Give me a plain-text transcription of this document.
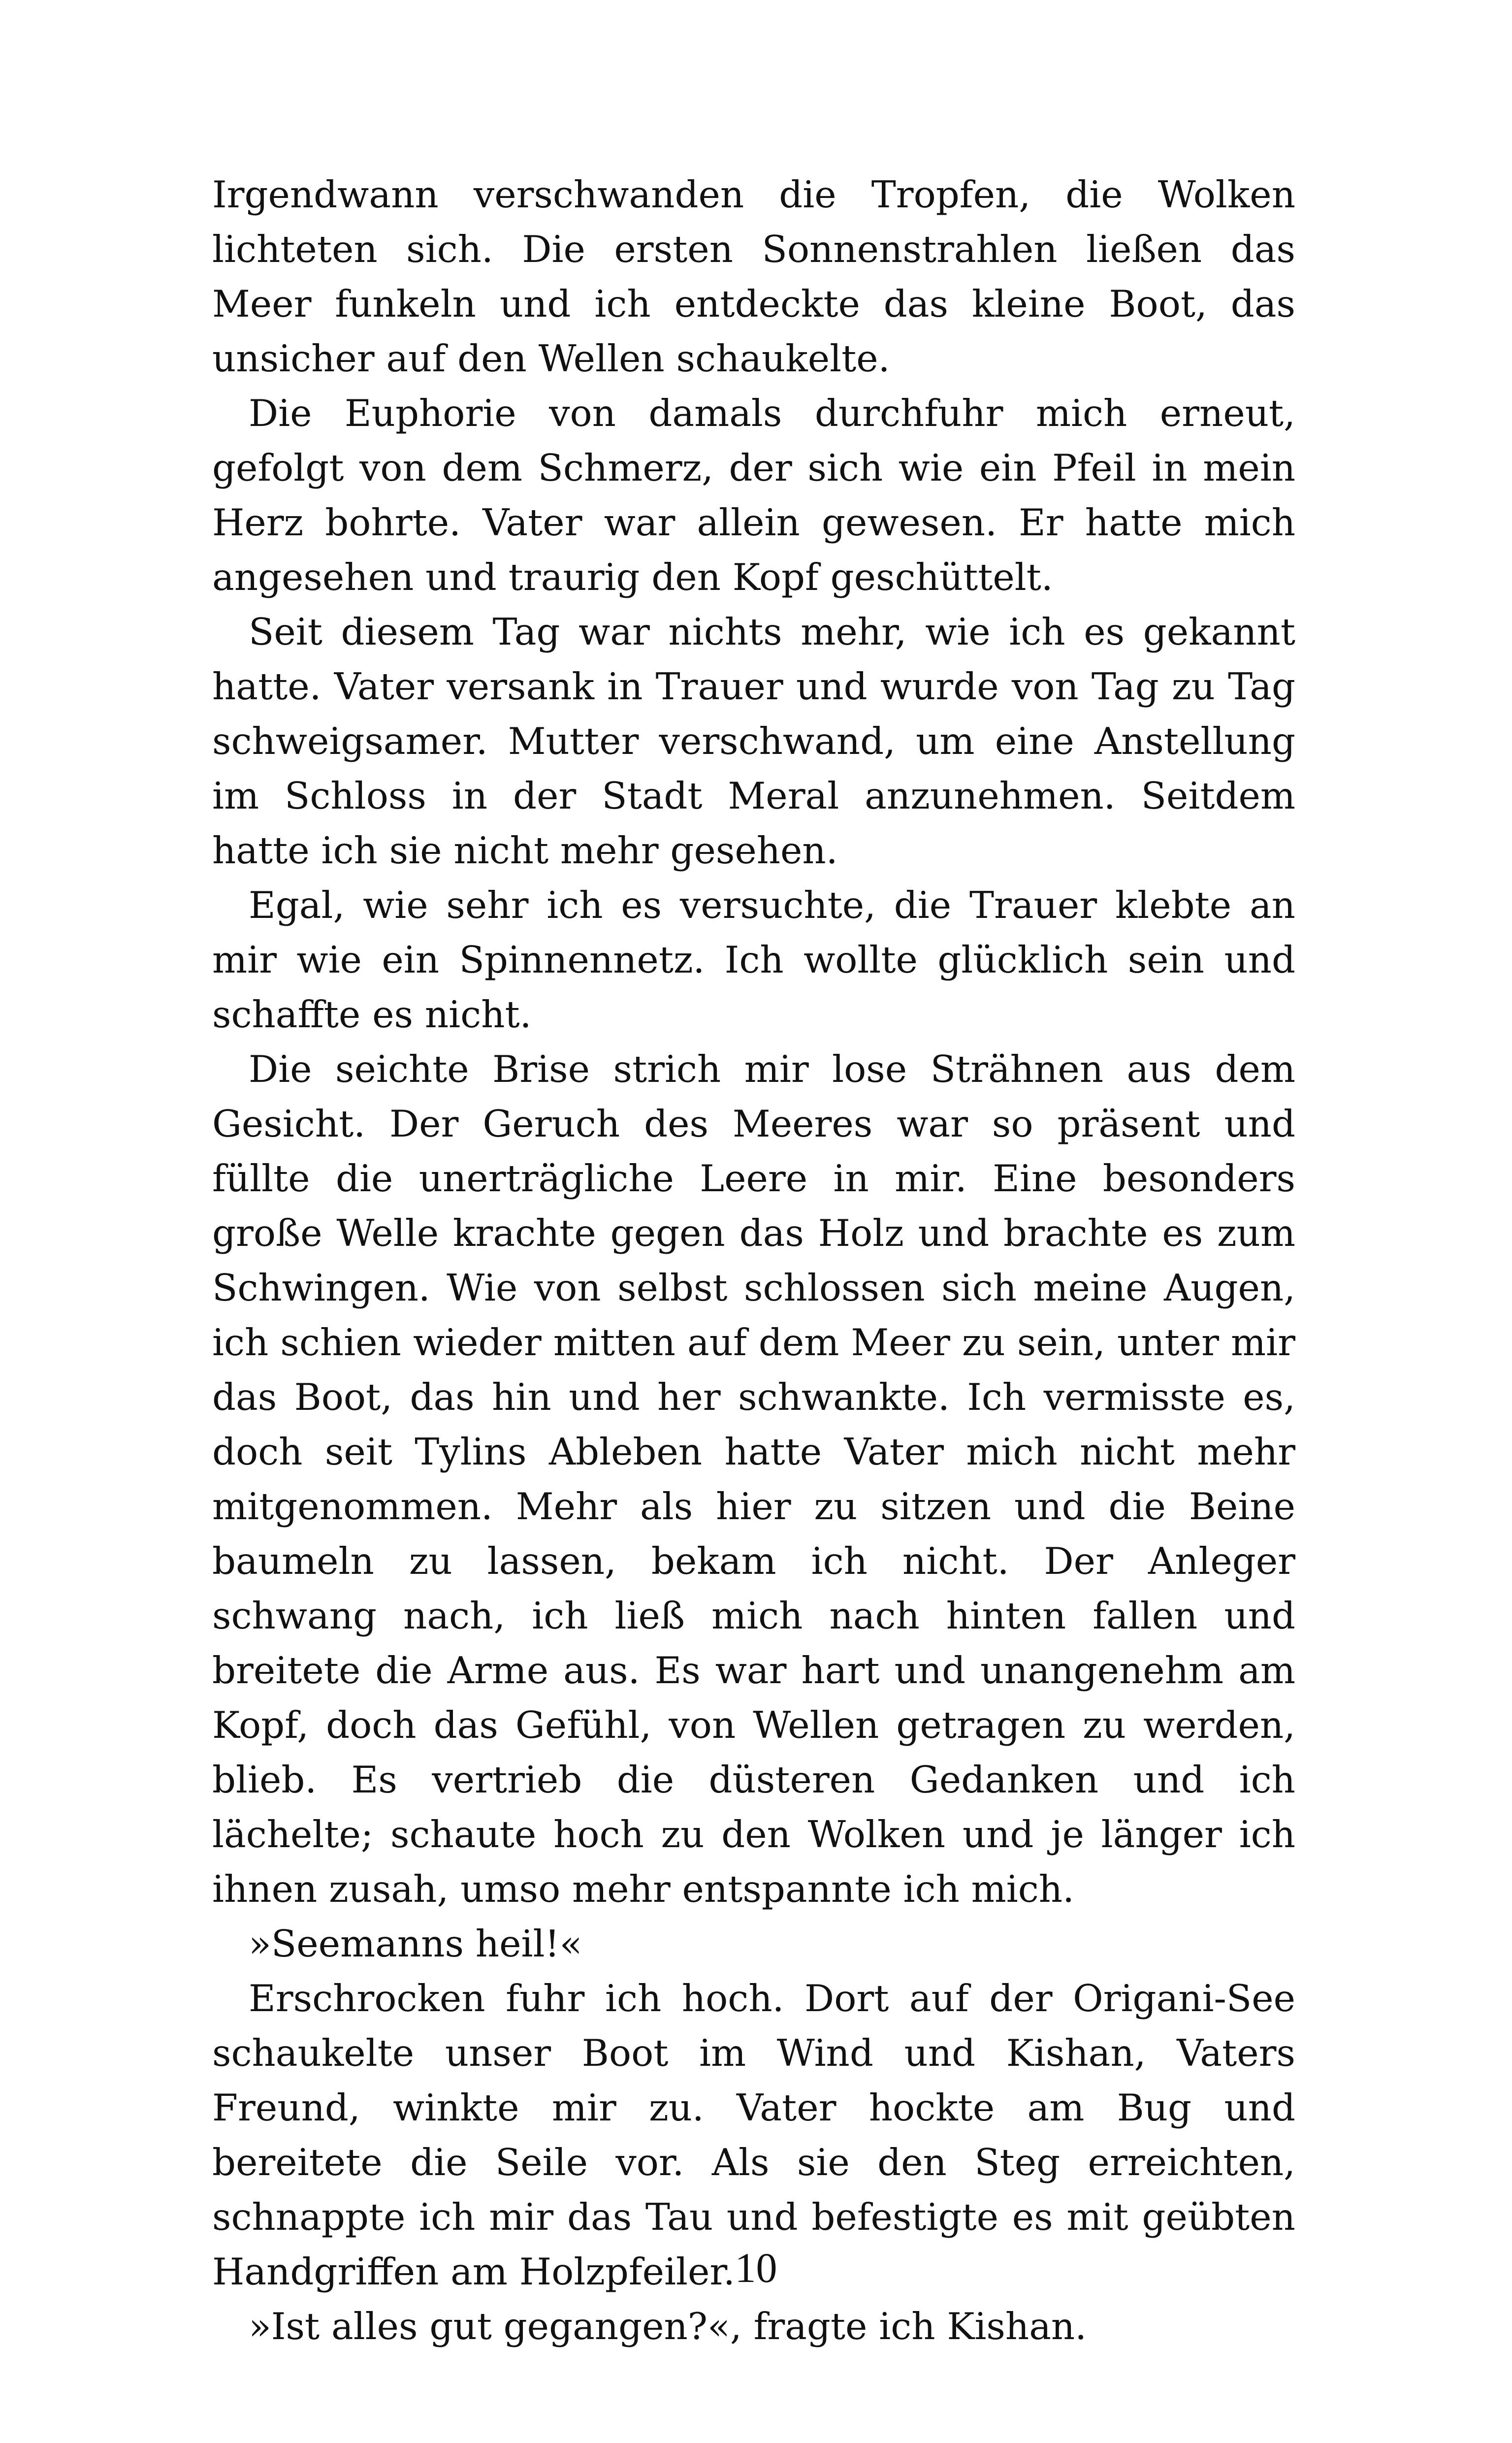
Irgendwann verschwanden die Tropfen, die Wolken lichteten sich. Die ersten Sonnenstrahlen ließen das Meer funkeln und ich entdeckte das kleine Boot, das unsicher auf den Wellen schaukelte.

Die Euphorie von damals durchfuhr mich erneut, gefolgt von dem Schmerz, der sich wie ein Pfeil in mein Herz bohrte. Vater war allein gewesen. Er hatte mich angesehen und traurig den Kopf geschüttelt.

Seit diesem Tag war nichts mehr, wie ich es gekannt hatte. Vater versank in Trauer und wurde von Tag zu Tag schweigsamer. Mutter verschwand, um eine Anstellung im Schloss in der Stadt Meral anzunehmen. Seitdem hatte ich sie nicht mehr gesehen.

Egal, wie sehr ich es versuchte, die Trauer klebte an mir wie ein Spinnennetz. Ich wollte glücklich sein und schaffte es nicht.

Die seichte Brise strich mir lose Strähnen aus dem Gesicht. Der Geruch des Meeres war so präsent und füllte die unerträgliche Leere in mir. Eine besonders große Welle krachte gegen das Holz und brachte es zum Schwingen. Wie von selbst schlossen sich meine Augen, ich schien wieder mitten auf dem Meer zu sein, unter mir das Boot, das hin und her schwankte. Ich vermisste es, doch seit Tylins Ableben hatte Vater mich nicht mehr mitgenommen. Mehr als hier zu sitzen und die Beine baumeln zu lassen, bekam ich nicht. Der Anleger schwang nach, ich ließ mich nach hinten fallen und breitete die Arme aus. Es war hart und unangenehm am Kopf, doch das Gefühl, von Wellen getragen zu werden, blieb. Es vertrieb die düsteren Gedanken und ich lächelte; schaute hoch zu den Wolken und je länger ich ihnen zusah, umso mehr entspannte ich mich.

»Seemanns heil!«

Erschrocken fuhr ich hoch. Dort auf der Origani-See schaukelte unser Boot im Wind und Kishan, Vaters Freund, winkte mir zu. Vater hockte am Bug und bereitete die Seile vor. Als sie den Steg erreichten, schnappte ich mir das Tau und befestigte es mit geübten Handgriffen am Holzpfeiler.

»Ist alles gut gegangen?«, fragte ich Kishan.

10
